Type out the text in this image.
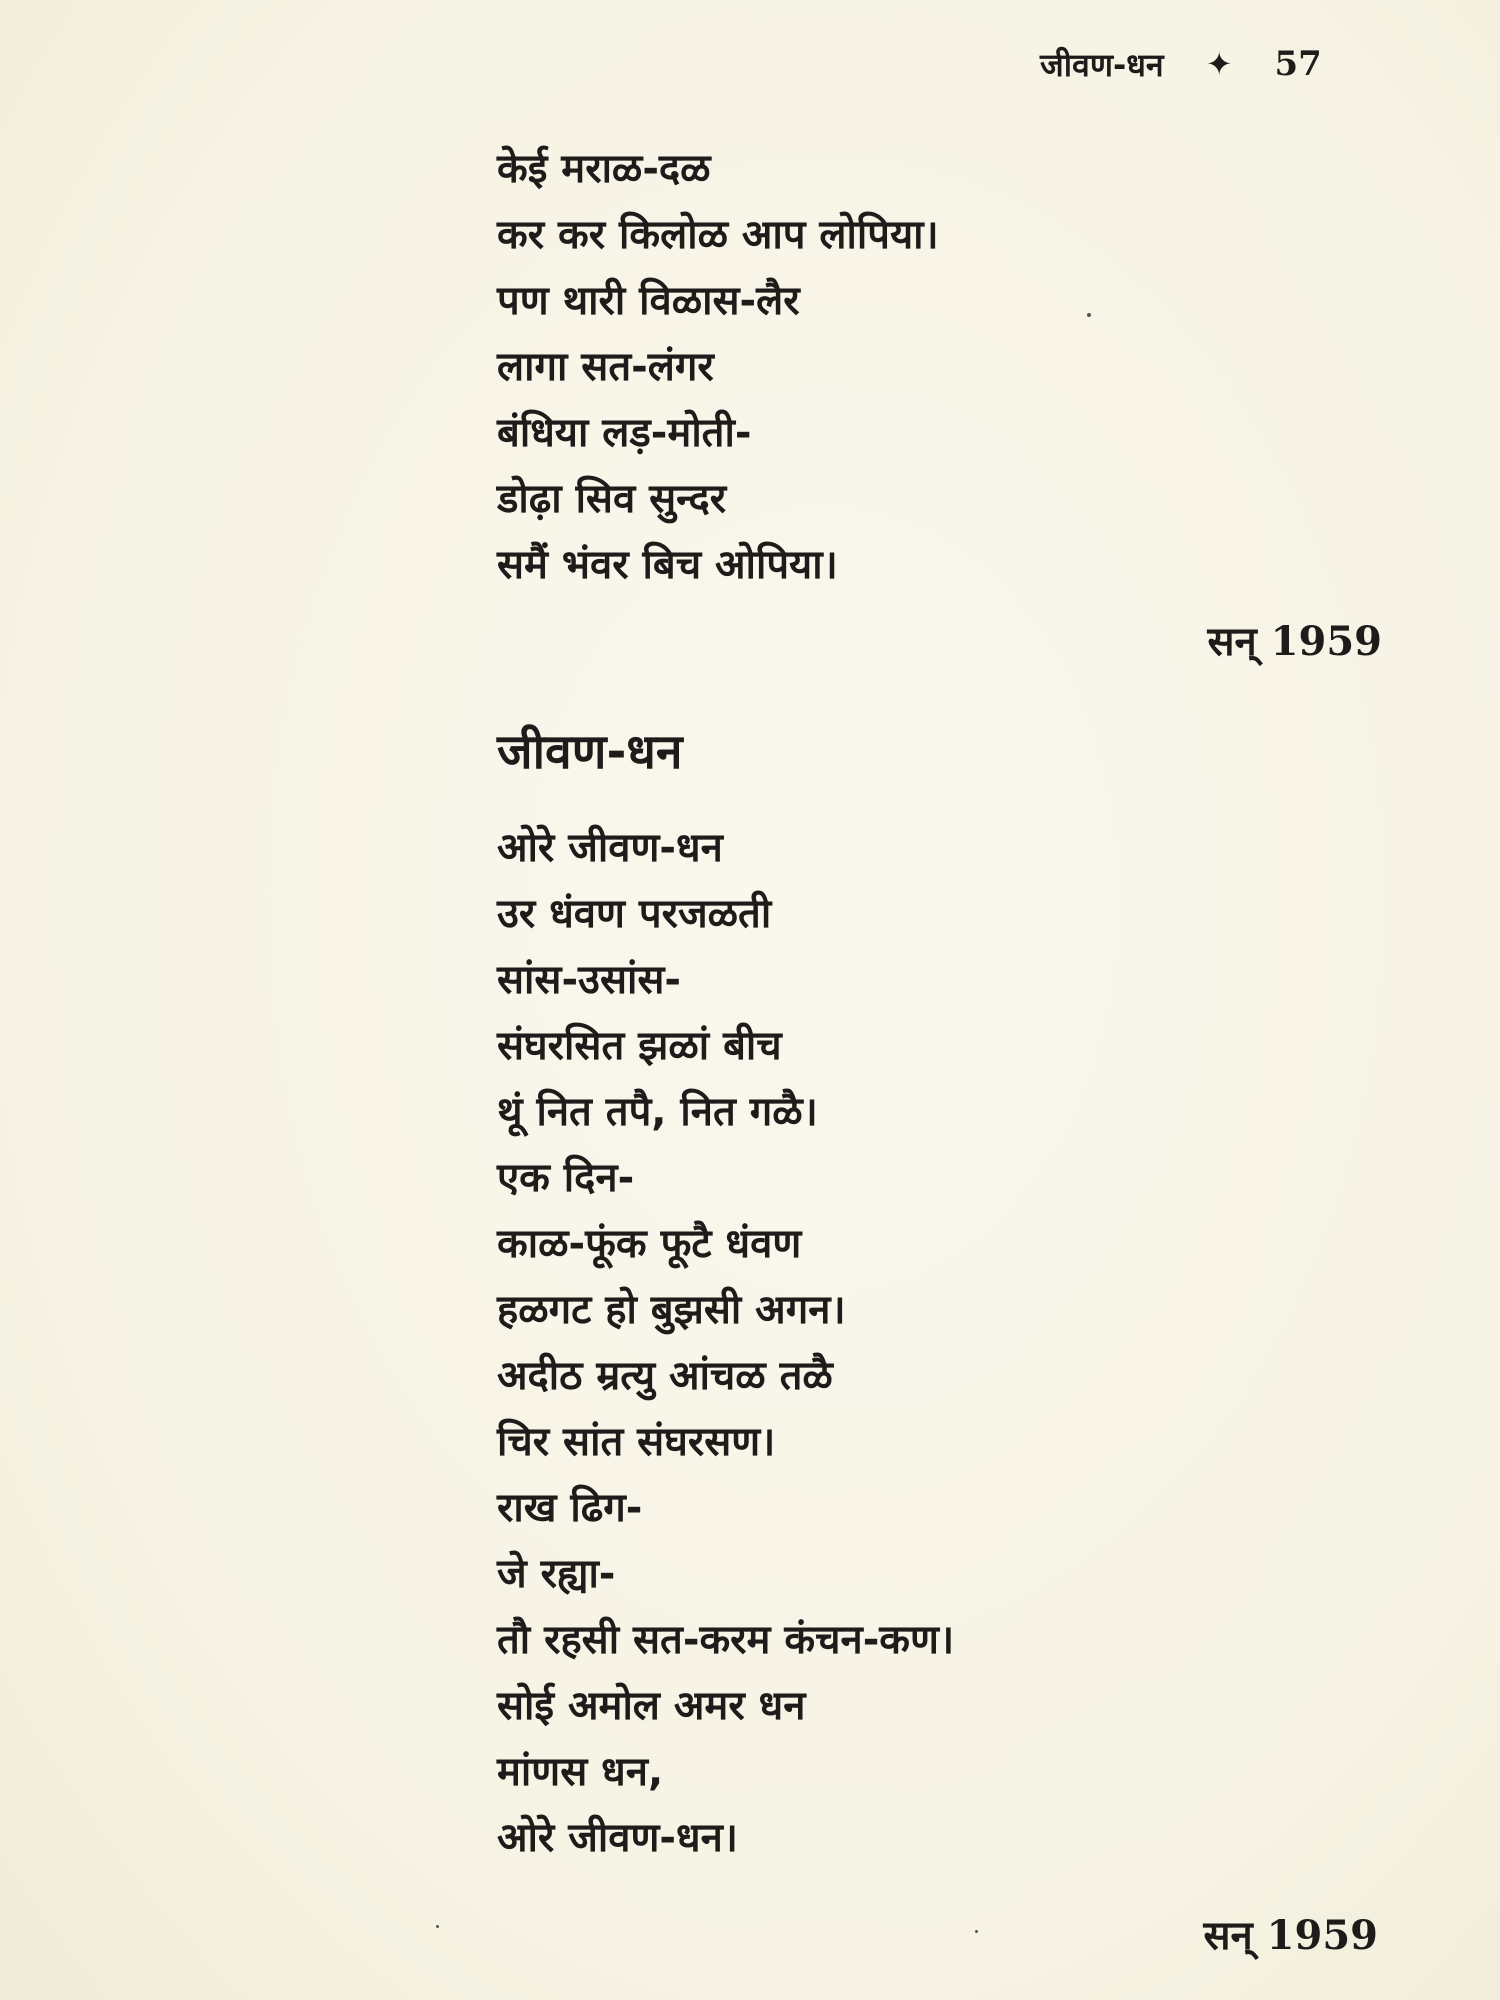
जीवण-धन ✦ 57
केई मराळ-दळ
कर कर किलोळ आप लोपिया।
पण थारी विळास-लैर
लागा सत-लंगर
बंधिया लड़-मोती-
डोढ़ा सिव सुन्दर
समैं भंवर बिच ओपिया।
सन् 1959
जीवण-धन
ओरे जीवण-धन
उर धंवण परजळती
सांस-उसांस-
संघरसित झळां बीच
थूं नित तपै, नित गळै।
एक दिन-
काळ-फूंक फूटै धंवण
हळगट हो बुझसी अगन।
अदीठ म्रत्यु आंचळ तळै
चिर सांत संघरसण।
राख ढिग-
जे रह्या-
तौ रहसी सत-करम कंचन-कण।
सोई अमोल अमर धन
मांणस धन,
ओरे जीवण-धन।
सन् 1959
